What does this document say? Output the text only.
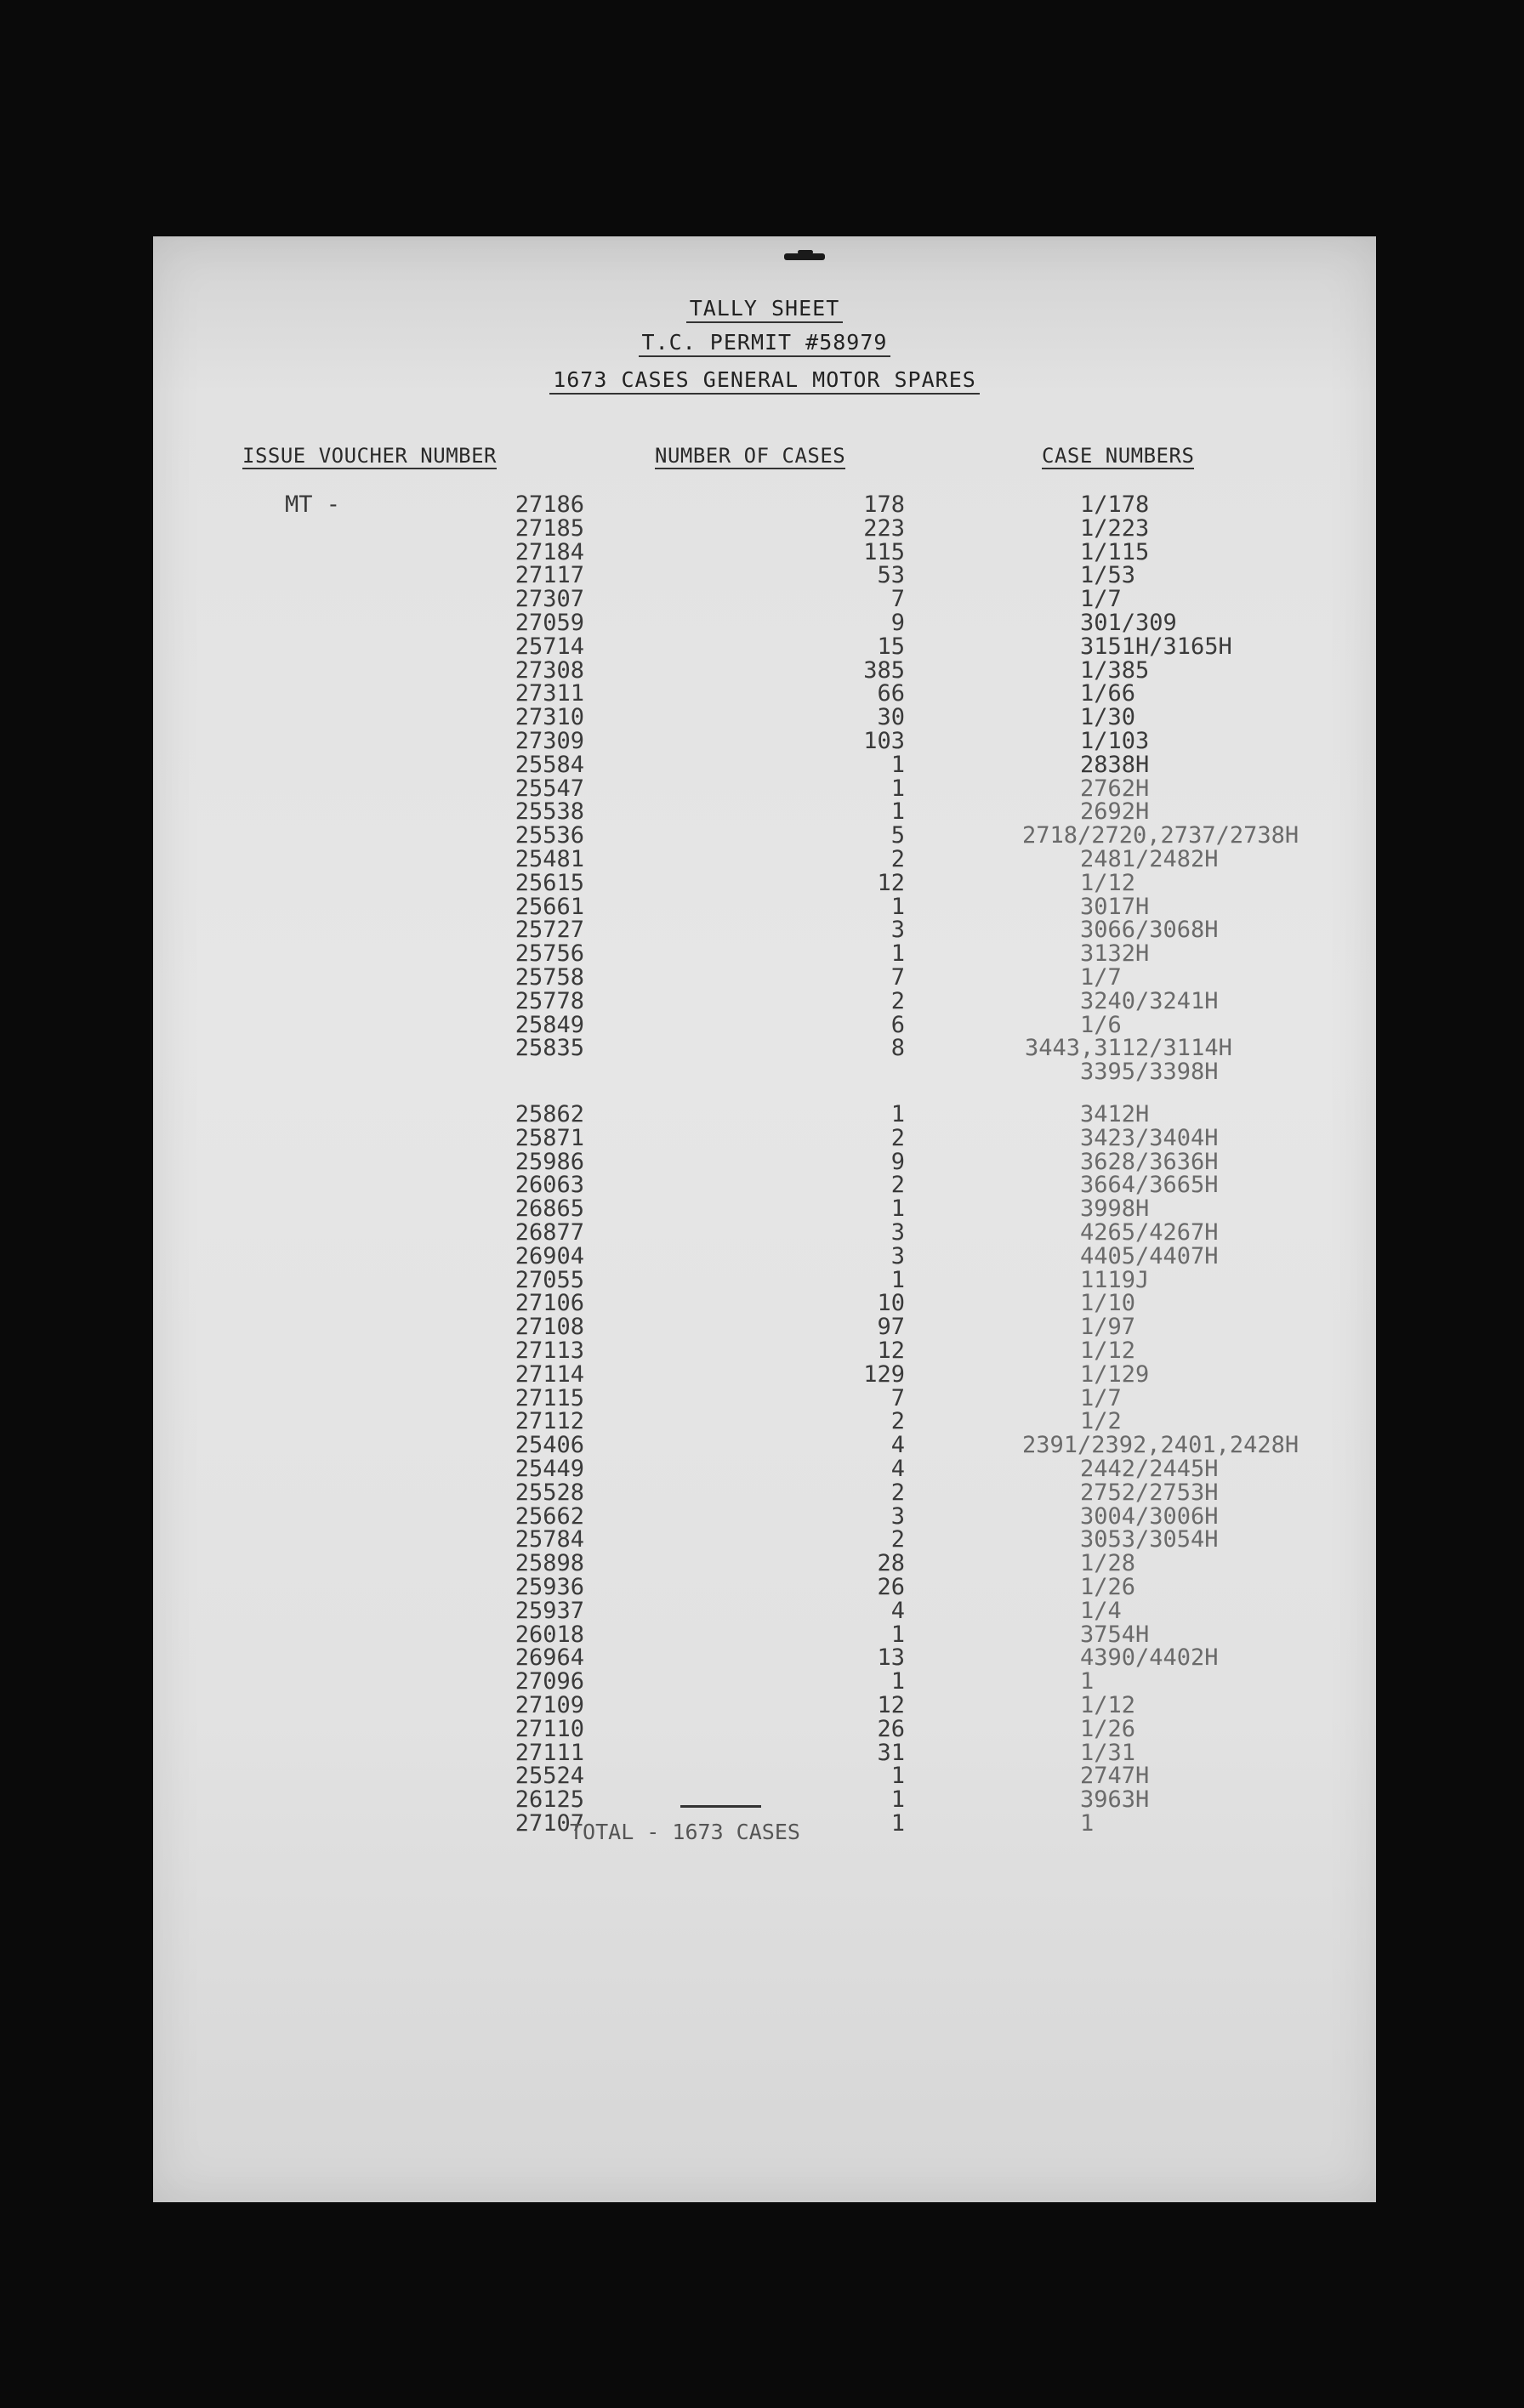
TALLY SHEET
T.C. PERMIT #58979
1673 CASES GENERAL MOTOR SPARES
ISSUE VOUCHER NUMBER	NUMBER OF CASES	CASE NUMBERS
MT -	27186	178	1/178
27185	223	1/223
27184	115	1/115
27117	53	1/53
27307	7	1/7
27059	9	301/309
25714	15	3151H/3165H
27308	385	1/385
27311	66	1/66
27310	30	1/30
27309	103	1/103
25584	1	2838H
25547	1	2762H
25538	1	2692H
25536	5	2718/2720,2737/2738H
25481	2	2481/2482H
25615	12	1/12
25661	1	3017H
25727	3	3066/3068H
25756	1	3132H
25758	7	1/7
25778	2	3240/3241H
25849	6	1/6
25835	8	3443,3112/3114H
3395/3398H
25862	1	3412H
25871	2	3423/3404H
25986	9	3628/3636H
26063	2	3664/3665H
26865	1	3998H
26877	3	4265/4267H
26904	3	4405/4407H
27055	1	1119J
27106	10	1/10
27108	97	1/97
27113	12	1/12
27114	129	1/129
27115	7	1/7
27112	2	1/2
25406	4	2391/2392,2401,2428H
25449	4	2442/2445H
25528	2	2752/2753H
25662	3	3004/3006H
25784	2	3053/3054H
25898	28	1/28
25936	26	1/26
25937	4	1/4
26018	1	3754H
26964	13	4390/4402H
27096	1	1
27109	12	1/12
27110	26	1/26
27111	31	1/31
25524	1	2747H
26125	1	3963H
27107	1	1
TOTAL - 1673 CASES
